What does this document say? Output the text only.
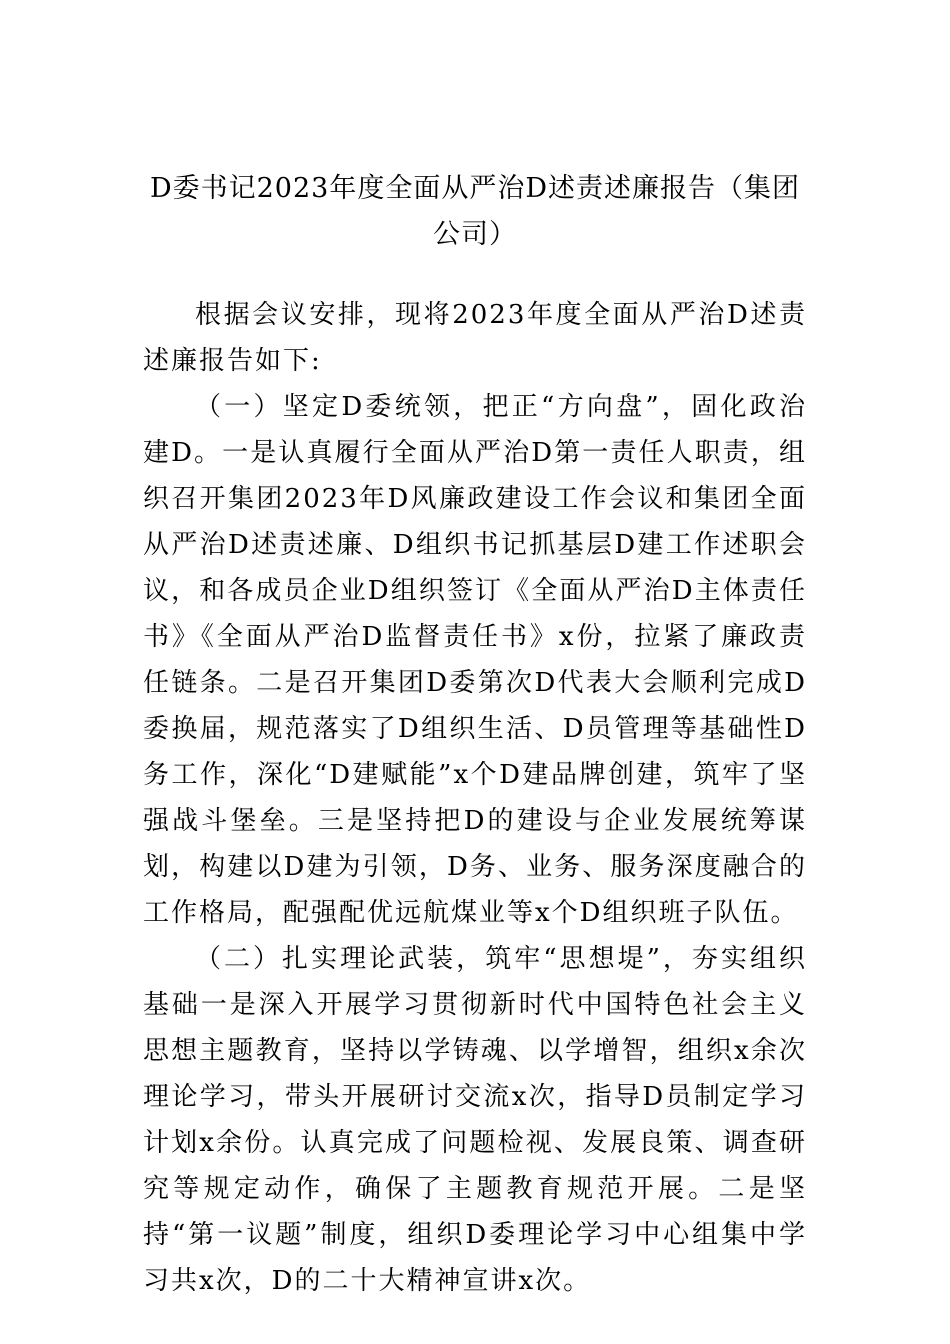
D委书记2023年度全面从严治D述责述廉报告（集团公司）

根据会议安排，现将2023年度全面从严治D述责述廉报告如下:

（一）坚定D委统领，把正“方向盘”，固化政治建D。一是认真履行全面从严治D第一责任人职责，组织召开集团2023年D风廉政建设工作会议和集团全面从严治D述责述廉、D组织书记抓基层D建工作述职会议，和各成员企业D组织签订《全面从严治D主体责任书》《全面从严治D监督责任书》x份，拉紧了廉政责任链条。二是召开集团D委第次D代表大会顺利完成D委换届，规范落实了D组织生活、D员管理等基础性D务工作，深化“D建赋能”x个D建品牌创建，筑牢了坚强战斗堡垒。三是坚持把D的建设与企业发展统筹谋划，构建以D建为引领，D务、业务、服务深度融合的工作格局，配强配优远航煤业等x个D组织班子队伍。

（二）扎实理论武装，筑牢“思想堤”，夯实组织基础一是深入开展学习贯彻新时代中国特色社会主义思想主题教育，坚持以学铸魂、以学增智，组织x余次理论学习，带头开展研讨交流x次，指导D员制定学习计划x余份。认真完成了问题检视、发展良策、调查研究等规定动作，确保了主题教育规范开展。二是坚持“第一议题”制度，组织D委理论学习中心组集中学习共x次，D的二十大精神宣讲x次。
